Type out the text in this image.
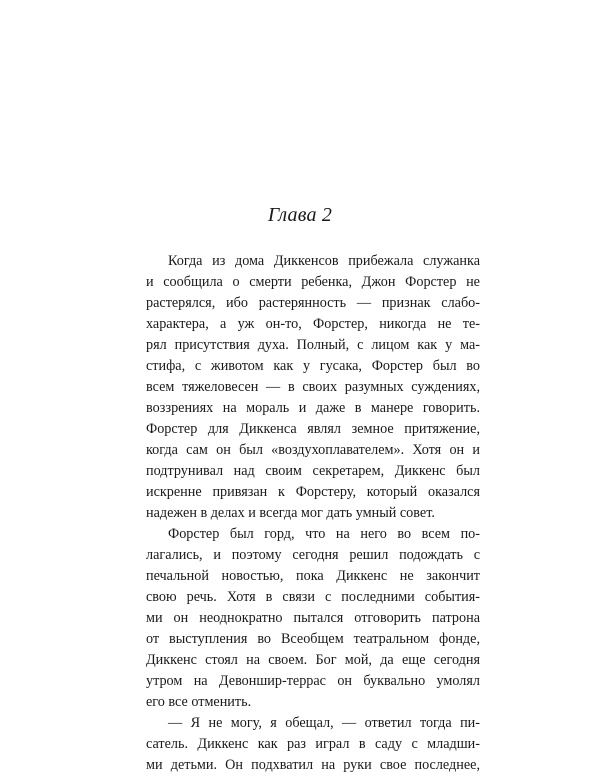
Глава 2
Когда из дома Диккенсов прибежала служанка
и сообщила о смерти ребенка, Джон Форстер не
растерялся, ибо растерянность — признак слабо-
характера, а уж он-то, Форстер, никогда не те-
рял присутствия духа. Полный, с лицом как у ма-
стифа, с животом как у гусака, Форстер был во
всем тяжеловесен — в своих разумных суждениях,
воззрениях на мораль и даже в манере говорить.
Форстер для Диккенса являл земное притяжение,
когда сам он был «воздухоплавателем». Хотя он и
подтрунивал над своим секретарем, Диккенс был
искренне привязан к Форстеру, который оказался
надежен в делах и всегда мог дать умный совет.
Форстер был горд, что на него во всем по-
лагались, и поэтому сегодня решил подождать с
печальной новостью, пока Диккенс не закончит
свою речь. Хотя в связи с последними события-
ми он неоднократно пытался отговорить патрона
от выступления во Всеобщем театральном фонде,
Диккенс стоял на своем. Бог мой, да еще сегодня
утром на Девоншир-террас он буквально умолял
его все отменить.
— Я не могу, я обещал, — ответил тогда пи-
сатель. Диккенс как раз играл в саду с младши-
ми детьми. Он подхватил на руки свое последнее,
